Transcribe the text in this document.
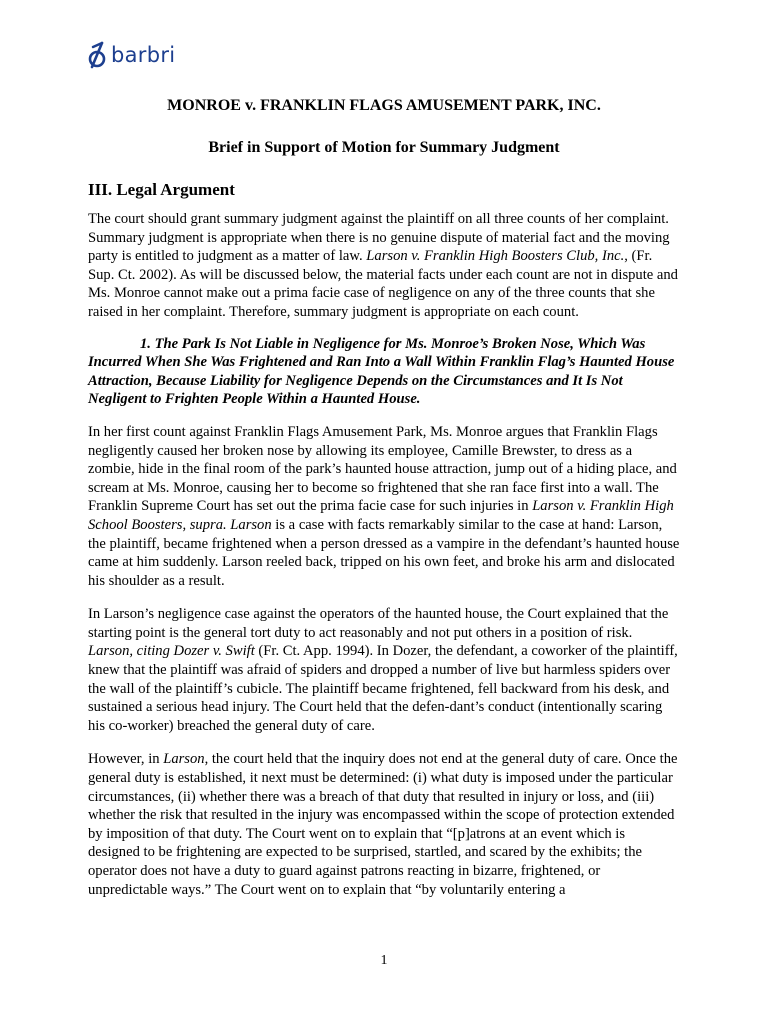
barbri
MONROE v. FRANKLIN FLAGS AMUSEMENT PARK, INC.
Brief in Support of Motion for Summary Judgment
III. Legal Argument

The court should grant summary judgment against the plaintiff on all three counts of her complaint. Summary judgment is appropriate when there is no genuine dispute of material fact and the moving party is entitled to judgment as a matter of law. Larson v. Franklin High Boosters Club, Inc., (Fr. Sup. Ct. 2002). As will be discussed below, the material facts under each count are not in dispute and Ms. Monroe cannot make out a prima facie case of negligence on any of the three counts that she raised in her complaint. Therefore, summary judgment is appropriate on each count.

1. The Park Is Not Liable in Negligence for Ms. Monroe’s Broken Nose, Which Was Incurred When She Was Frightened and Ran Into a Wall Within Franklin Flag’s Haunted House Attraction, Because Liability for Negligence Depends on the Circumstances and It Is Not Negligent to Frighten People Within a Haunted House.

In her first count against Franklin Flags Amusement Park, Ms. Monroe argues that Franklin Flags negligently caused her broken nose by allowing its employee, Camille Brewster, to dress as a zombie, hide in the final room of the park’s haunted house attraction, jump out of a hiding place, and scream at Ms. Monroe, causing her to become so frightened that she ran face first into a wall. The Franklin Supreme Court has set out the prima facie case for such injuries in Larson v. Franklin High School Boosters, supra. Larson is a case with facts remarkably similar to the case at hand: Larson, the plaintiff, became frightened when a person dressed as a vampire in the defendant’s haunted house came at him suddenly. Larson reeled back, tripped on his own feet, and broke his arm and dislocated his shoulder as a result.

In Larson’s negligence case against the operators of the haunted house, the Court explained that the starting point is the general tort duty to act reasonably and not put others in a position of risk. Larson, citing Dozer v. Swift (Fr. Ct. App. 1994). In Dozer, the defendant, a coworker of the plaintiff, knew that the plaintiff was afraid of spiders and dropped a number of live but harmless spiders over the wall of the plaintiff’s cubicle. The plaintiff became frightened, fell backward from his desk, and sustained a serious head injury. The Court held that the defen-dant’s conduct (intentionally scaring his co-worker) breached the general duty of care.

However, in Larson, the court held that the inquiry does not end at the general duty of care. Once the general duty is established, it next must be determined: (i) what duty is imposed under the particular circumstances, (ii) whether there was a breach of that duty that resulted in injury or loss, and (iii) whether the risk that resulted in the injury was encompassed within the scope of protection extended by imposition of that duty. The Court went on to explain that “[p]atrons at an event which is designed to be frightening are expected to be surprised, startled, and scared by the exhibits; the operator does not have a duty to guard against patrons reacting in bizarre, frightened, or unpredictable ways.” The Court went on to explain that “by voluntarily entering a

1
